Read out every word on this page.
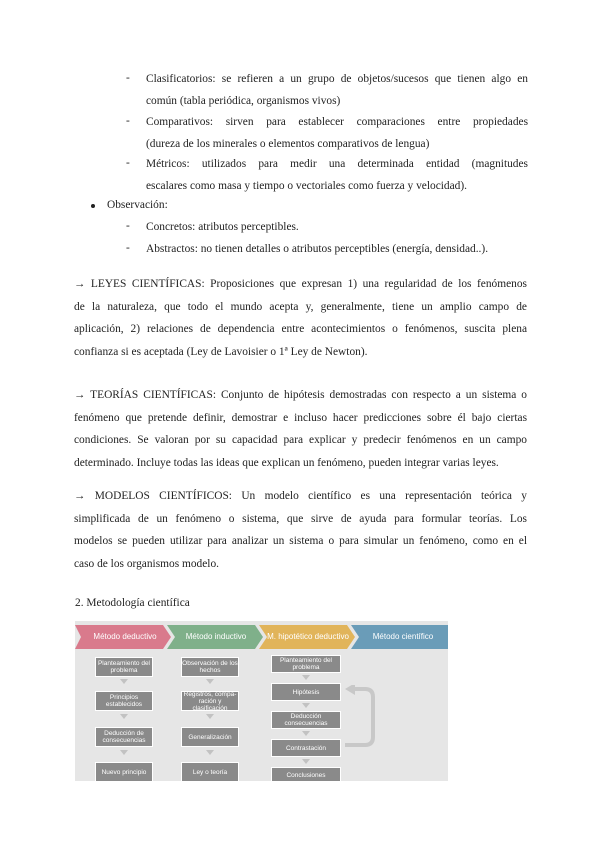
- Clasificatorios: se refieren a un grupo de objetos/sucesos que tienen algo en
común (tabla periódica, organismos vivos)
- Comparativos: sirven para establecer comparaciones entre propiedades
(dureza de los minerales o elementos comparativos de lengua)
- Métricos: utilizados para medir una determinada entidad (magnitudes
escalares como masa y tiempo o vectoriales como fuerza y velocidad).
Observación:
- Concretos: atributos perceptibles.
- Abstractos: no tienen detalles o atributos perceptibles (energía, densidad..).
→ LEYES CIENTÍFICAS: Proposiciones que expresan 1) una regularidad de los fenómenos
de la naturaleza, que todo el mundo acepta y, generalmente, tiene un amplio campo de
aplicación, 2) relaciones de dependencia entre acontecimientos o fenómenos, suscita plena
confianza si es aceptada (Ley de Lavoisier o 1ª Ley de Newton).
→ TEORÍAS CIENTÍFICAS: Conjunto de hipótesis demostradas con respecto a un sistema o
fenómeno que pretende definir, demostrar e incluso hacer predicciones sobre él bajo ciertas
condiciones. Se valoran por su capacidad para explicar y predecir fenómenos en un campo
determinado. Incluye todas las ideas que explican un fenómeno, pueden integrar varias leyes.
→ MODELOS CIENTÍFICOS: Un modelo científico es una representación teórica y
simplificada de un fenómeno o sistema, que sirve de ayuda para formular teorías. Los
modelos se pueden utilizar para analizar un sistema o para simular un fenómeno, como en el
caso de los organismos modelo.
2. Metodología científica
Método deductivo	Método inductivo	M. hipotético deductivo	Método científico
Planteamiento del problema
Principios establecidos
Deducción de consecuencias
Nuevo principio
Observación de los hechos
Registros, compa-ración y clasificación
Generalización
Ley o teoría
Planteamiento del problema
Hipótesis
Deducción consecuencias
Contrastación
Conclusiones
